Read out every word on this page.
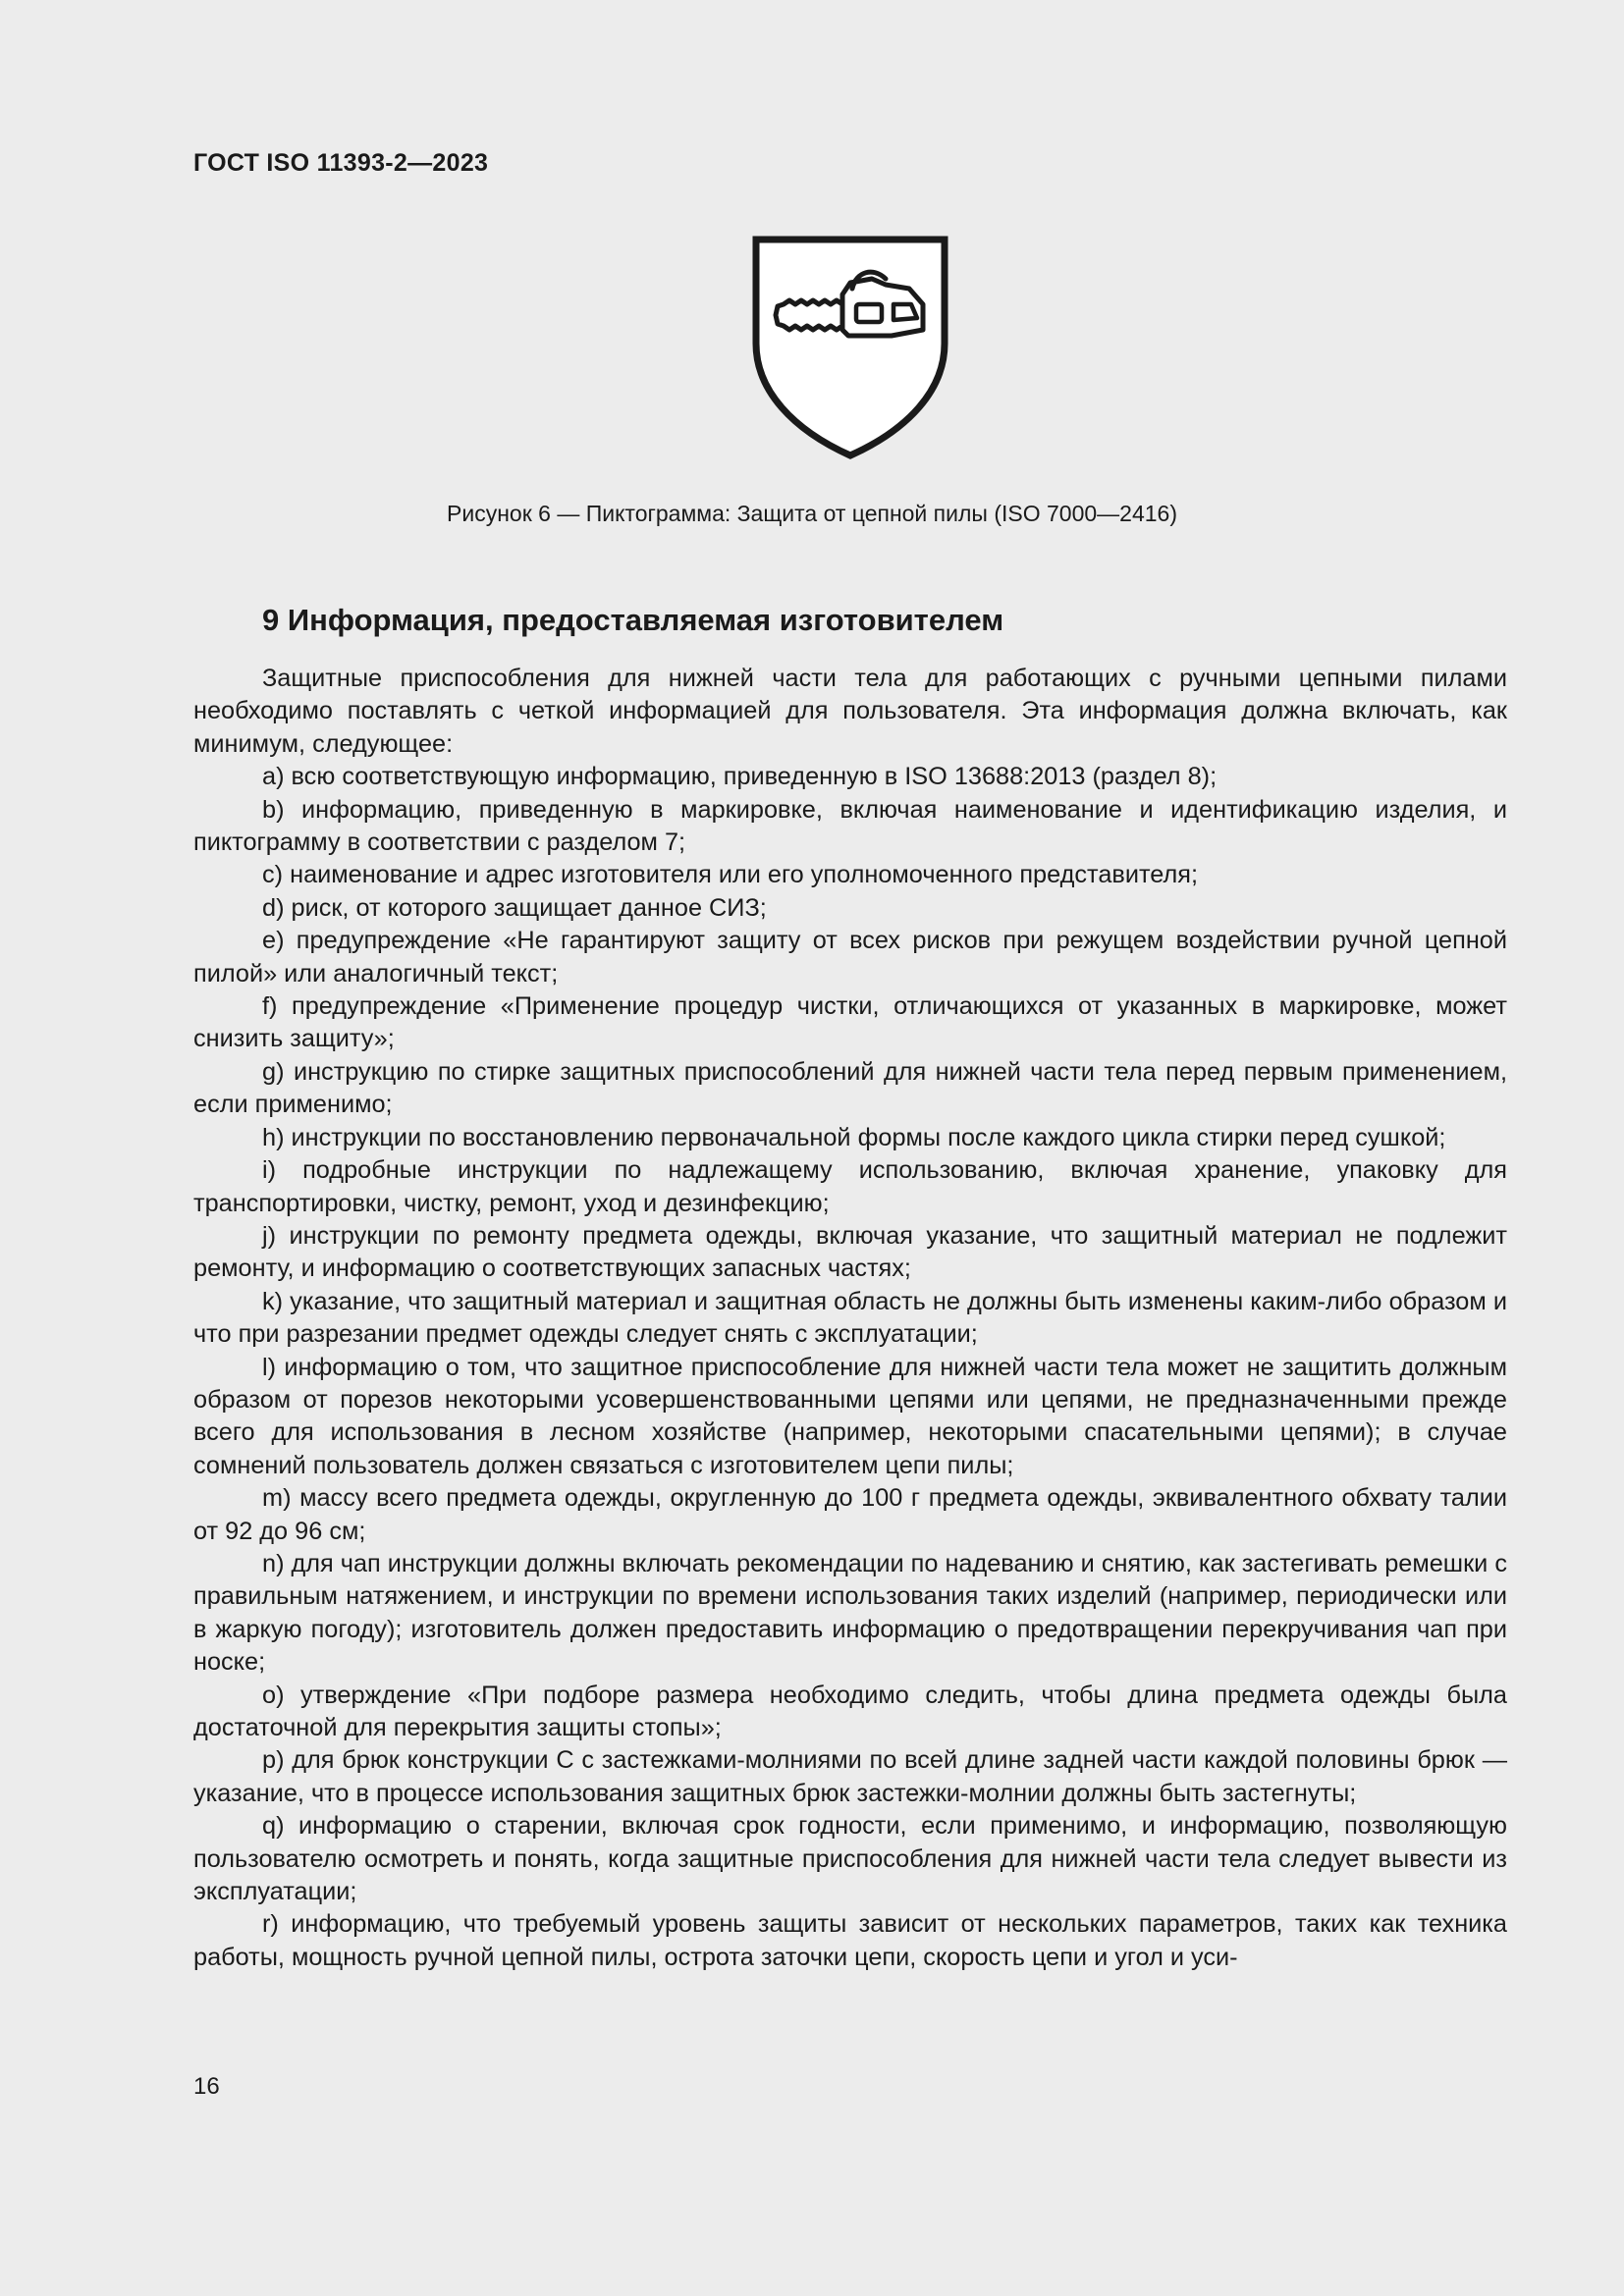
ГОСТ ISO 11393-2—2023
Рисунок 6 — Пиктограмма: Защита от цепной пилы (ISO 7000—2416)
9 Информация, предоставляемая изготовителем

Защитные приспособления для нижней части тела для работающих с ручными цепными пилами необходимо поставлять с четкой информацией для пользователя. Эта информация должна включать, как минимум, следующее:

a) всю соответствующую информацию, приведенную в ISO 13688:2013 (раздел 8);

b) информацию, приведенную в маркировке, включая наименование и идентификацию изделия, и пиктограмму в соответствии с разделом 7;

c) наименование и адрес изготовителя или его уполномоченного представителя;

d) риск, от которого защищает данное СИЗ;

e) предупреждение «Не гарантируют защиту от всех рисков при режущем воздействии ручной цепной пилой» или аналогичный текст;

f) предупреждение «Применение процедур чистки, отличающихся от указанных в маркировке, может снизить защиту»;

g) инструкцию по стирке защитных приспособлений для нижней части тела перед первым применением, если применимо;

h) инструкции по восстановлению первоначальной формы после каждого цикла стирки перед сушкой;

i) подробные инструкции по надлежащему использованию, включая хранение, упаковку для транспортировки, чистку, ремонт, уход и дезинфекцию;

j) инструкции по ремонту предмета одежды, включая указание, что защитный материал не подлежит ремонту, и информацию о соответствующих запасных частях;

k) указание, что защитный материал и защитная область не должны быть изменены каким-либо образом и что при разрезании предмет одежды следует снять с эксплуатации;

l) информацию о том, что защитное приспособление для нижней части тела может не защитить должным образом от порезов некоторыми усовершенствованными цепями или цепями, не предназначенными прежде всего для использования в лесном хозяйстве (например, некоторыми спасательными цепями); в случае сомнений пользователь должен связаться с изготовителем цепи пилы;

m) массу всего предмета одежды, округленную до 100 г предмета одежды, эквивалентного обхвату талии от 92 до 96 см;

n) для чап инструкции должны включать рекомендации по надеванию и снятию, как застегивать ремешки с правильным натяжением, и инструкции по времени использования таких изделий (например, периодически или в жаркую погоду); изготовитель должен предоставить информацию о предотвращении перекручивания чап при носке;

o) утверждение «При подборе размера необходимо следить, чтобы длина предмета одежды была достаточной для перекрытия защиты стопы»;

p) для брюк конструкции C с застежками-молниями по всей длине задней части каждой половины брюк — указание, что в процессе использования защитных брюк застежки-молнии должны быть застегнуты;

q) информацию о старении, включая срок годности, если применимо, и информацию, позволяющую пользователю осмотреть и понять, когда защитные приспособления для нижней части тела следует вывести из эксплуатации;

r) информацию, что требуемый уровень защиты зависит от нескольких параметров, таких как техника работы, мощность ручной цепной пилы, острота заточки цепи, скорость цепи и угол и уси-

16
